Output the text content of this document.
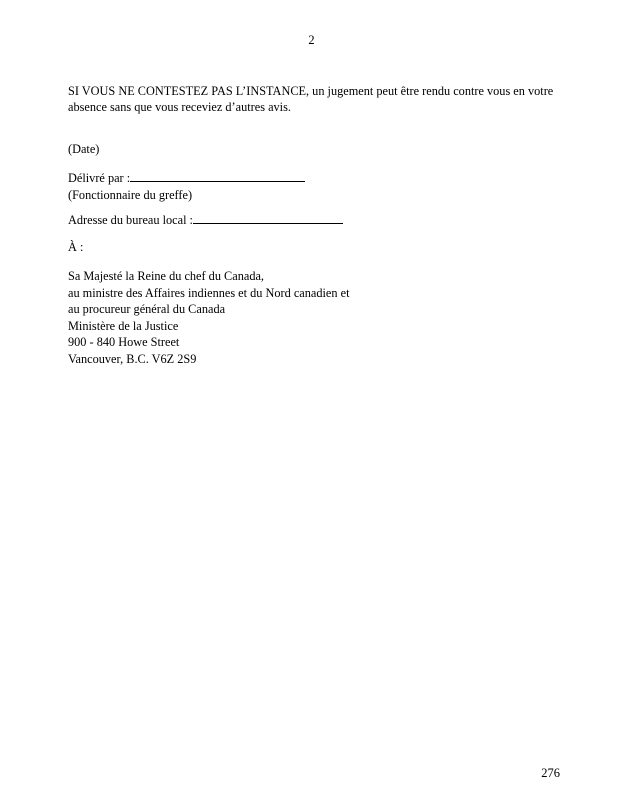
2
SI VOUS NE CONTESTEZ PAS L’INSTANCE, un jugement peut être rendu contre vous en votre absence sans que vous receviez d’autres avis.
(Date)
Délivré par :
(Fonctionnaire du greffe)
Adresse du bureau local :
À :
Sa Majesté la Reine du chef du Canada,
au ministre des Affaires indiennes et du Nord canadien et
au procureur général du Canada
Ministère de la Justice
900 - 840 Howe Street
Vancouver, B.C. V6Z 2S9
276
